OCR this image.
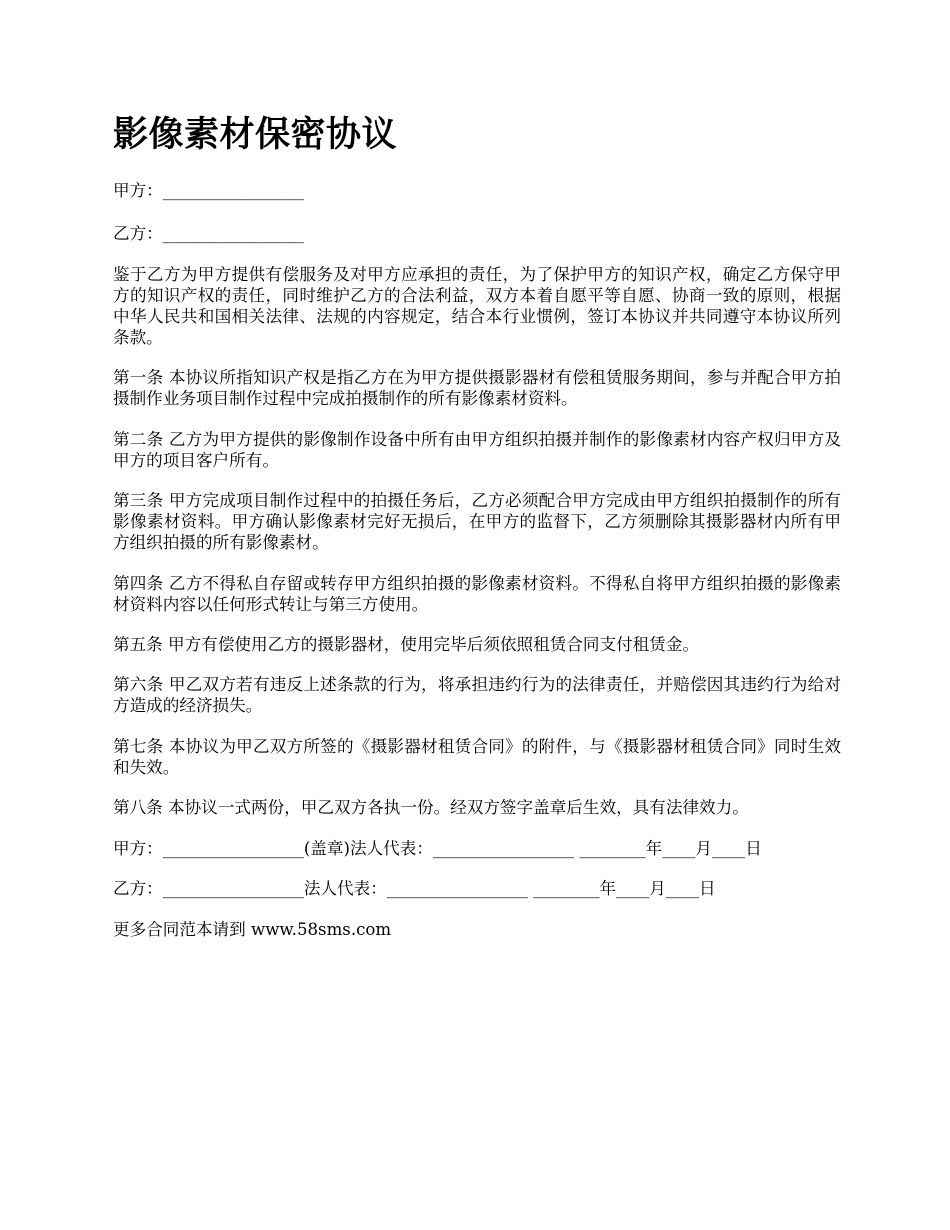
影像素材保密协议

甲方：_________________

乙方：_________________

鉴于乙方为甲方提供有偿服务及对甲方应承担的责任，为了保护甲方的知识产权，确定乙方保守甲方的知识产权的责任，同时维护乙方的合法利益，双方本着自愿平等自愿、协商一致的原则，根据中华人民共和国相关法律、法规的内容规定，结合本行业惯例，签订本协议并共同遵守本协议所列条款。

第一条 本协议所指知识产权是指乙方在为甲方提供摄影器材有偿租赁服务期间，参与并配合甲方拍摄制作业务项目制作过程中完成拍摄制作的所有影像素材资料。

第二条 乙方为甲方提供的影像制作设备中所有由甲方组织拍摄并制作的影像素材内容产权归甲方及甲方的项目客户所有。

第三条 甲方完成项目制作过程中的拍摄任务后，乙方必须配合甲方完成由甲方组织拍摄制作的所有影像素材资料。甲方确认影像素材完好无损后，在甲方的监督下，乙方须删除其摄影器材内所有甲方组织拍摄的所有影像素材。

第四条 乙方不得私自存留或转存甲方组织拍摄的影像素材资料。不得私自将甲方组织拍摄的影像素材资料内容以任何形式转让与第三方使用。

第五条 甲方有偿使用乙方的摄影器材，使用完毕后须依照租赁合同支付租赁金。

第六条 甲乙双方若有违反上述条款的行为，将承担违约行为的法律责任，并赔偿因其违约行为给对方造成的经济损失。

第七条 本协议为甲乙双方所签的《摄影器材租赁合同》的附件，与《摄影器材租赁合同》同时生效和失效。

第八条 本协议一式两份，甲乙双方各执一份。经双方签字盖章后生效，具有法律效力。

甲方：_________________(盖章)法人代表：_________________ ________年____月____日

乙方：_________________法人代表：_________________ ________年____月____日

更多合同范本请到 www.58sms.com
